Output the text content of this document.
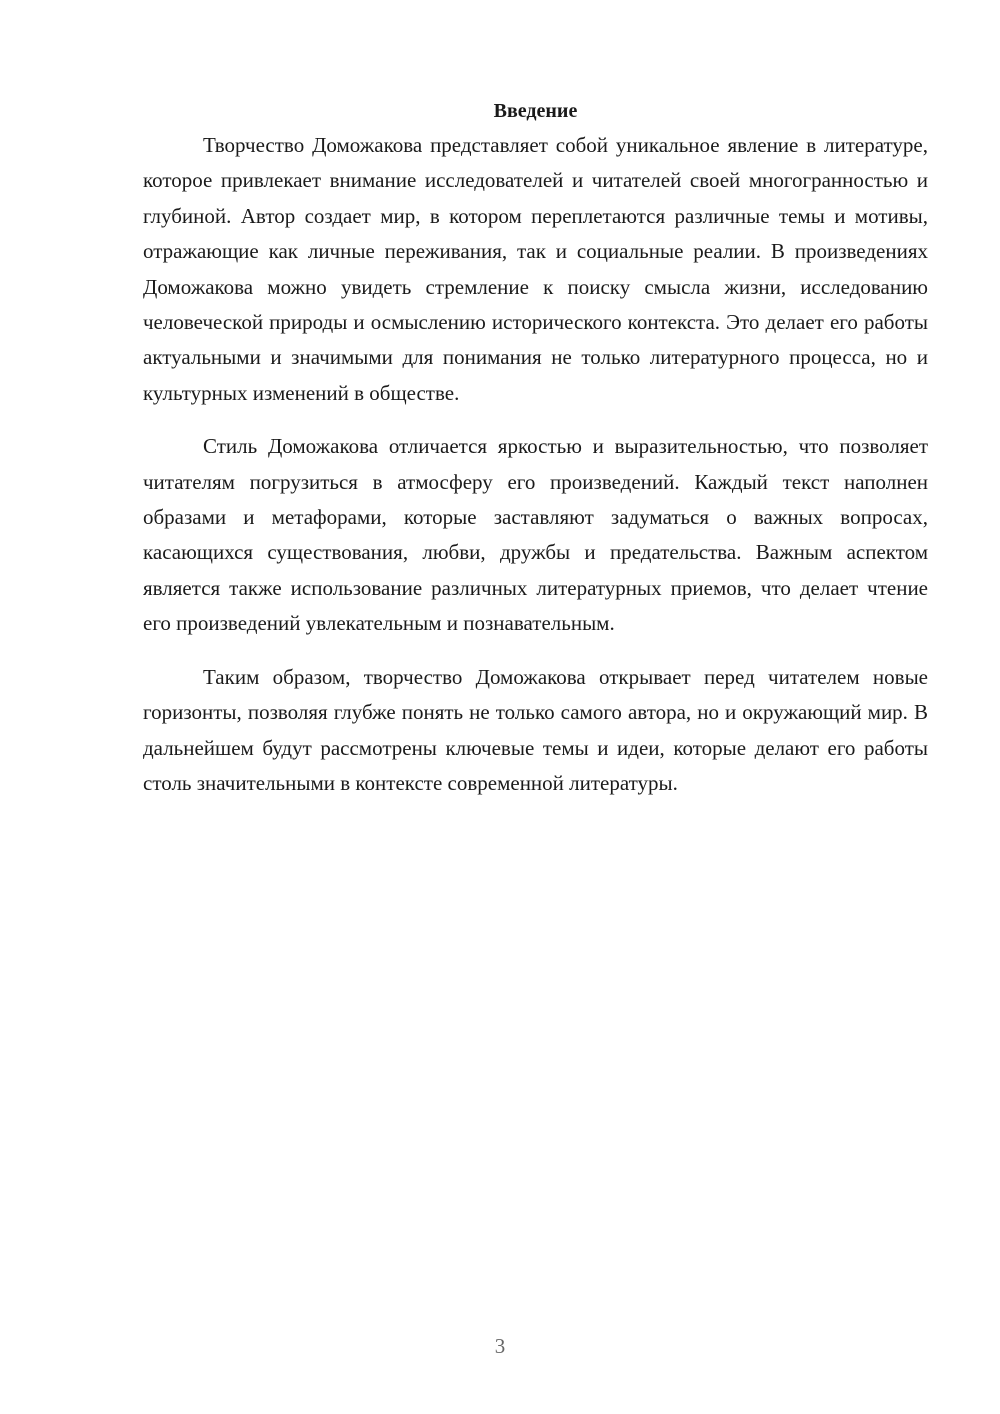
Введение

Творчество Доможакова представляет собой уникальное явление в литературе, которое привлекает внимание исследователей и читателей своей многогранностью и глубиной. Автор создает мир, в котором переплетаются различные темы и мотивы, отражающие как личные переживания, так и социальные реалии. В произведениях Доможакова можно увидеть стремление к поиску смысла жизни, исследованию человеческой природы и осмыслению исторического контекста. Это делает его работы актуальными и значимыми для понимания не только литературного процесса, но и культурных изменений в обществе.

Стиль Доможакова отличается яркостью и выразительностью, что позволяет читателям погрузиться в атмосферу его произведений. Каждый текст наполнен образами и метафорами, которые заставляют задуматься о важных вопросах, касающихся существования, любви, дружбы и предательства. Важным аспектом является также использование различных литературных приемов, что делает чтение его произведений увлекательным и познавательным.

Таким образом, творчество Доможакова открывает перед читателем новые горизонты, позволяя глубже понять не только самого автора, но и окружающий мир. В дальнейшем будут рассмотрены ключевые темы и идеи, которые делают его работы столь значительными в контексте современной литературы.

3
